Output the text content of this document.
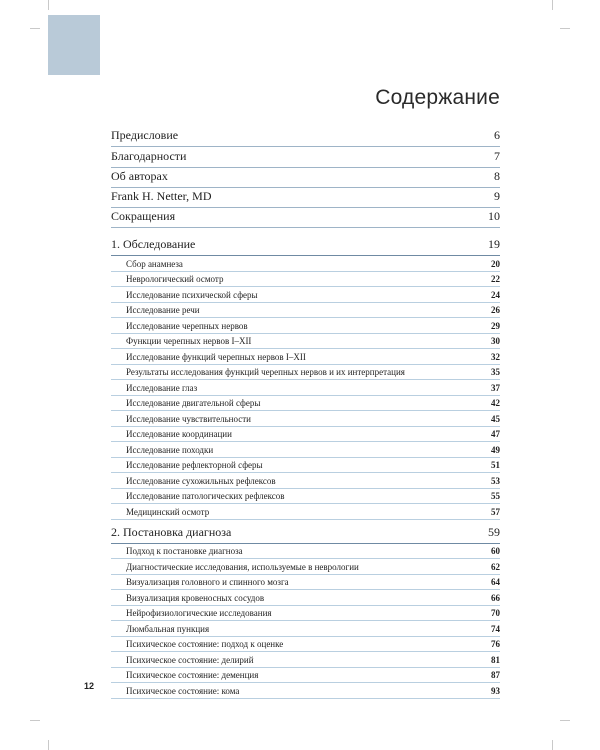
Содержание
Предисловие	6
Благодарности	7
Об авторах	8
Frank H. Netter, MD	9
Сокращения	10
1. Обследование	19
Сбор анамнеза	20
Неврологический осмотр	22
Исследование психической сферы	24
Исследование речи	26
Исследование черепных нервов	29
Функции черепных нервов I–XII	30
Исследование функций черепных нервов I–XII	32
Результаты исследования функций черепных нервов и их интерпретация	35
Исследование глаз	37
Исследование двигательной сферы	42
Исследование чувствительности	45
Исследование координации	47
Исследование походки	49
Исследование рефлекторной сферы	51
Исследование сухожильных рефлексов	53
Исследование патологических рефлексов	55
Медицинский осмотр	57
2. Постановка диагноза	59
Подход к постановке диагноза	60
Диагностические исследования, используемые в неврологии	62
Визуализация головного и спинного мозга	64
Визуализация кровеносных сосудов	66
Нейрофизиологические исследования	70
Люмбальная пункция	74
Психическое состояние: подход к оценке	76
Психическое состояние: делирий	81
Психическое состояние: деменция	87
Психическое состояние: кома	93
12
